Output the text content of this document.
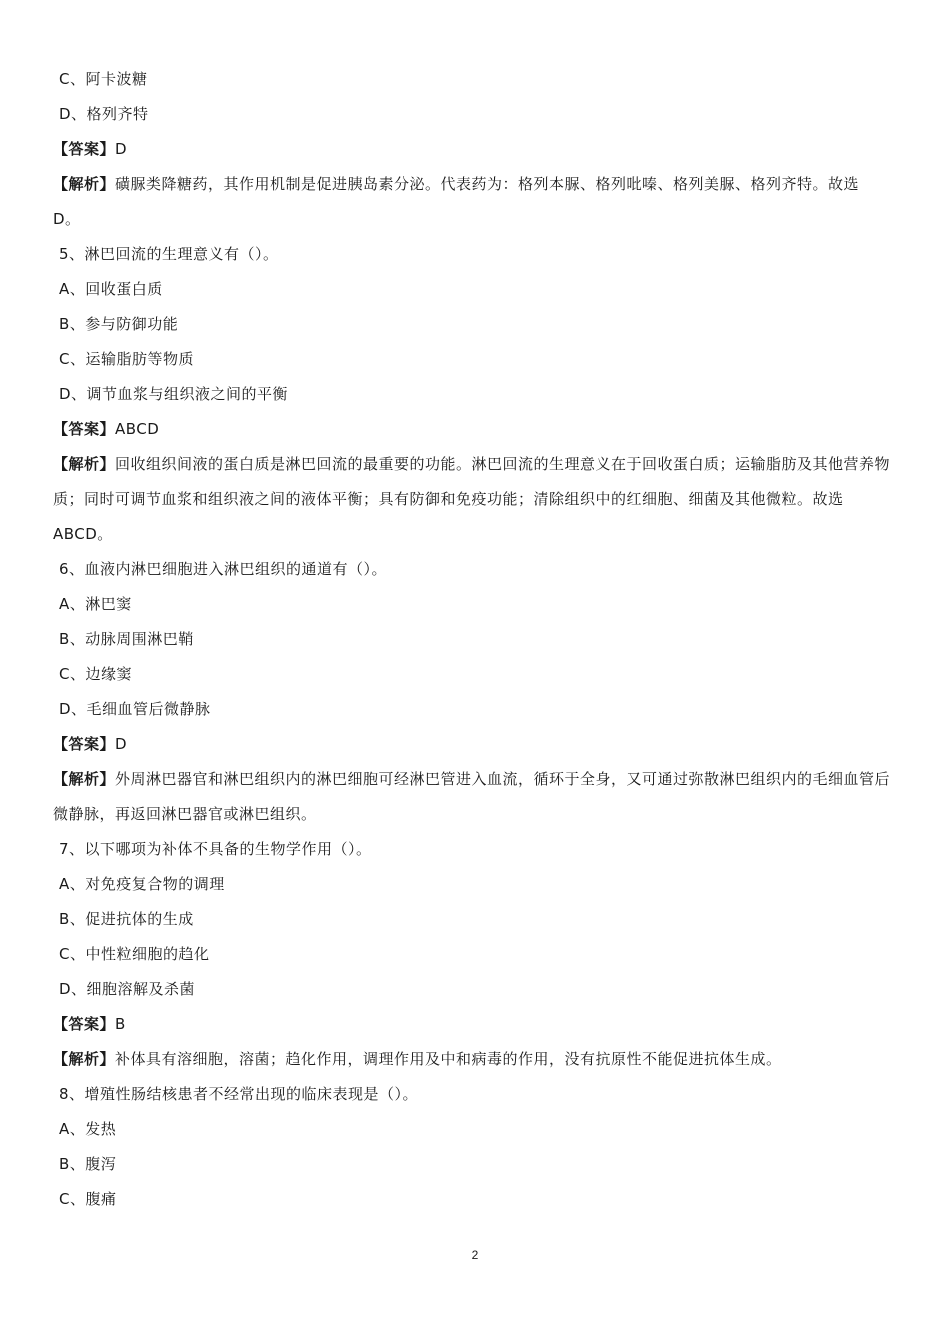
C、阿卡波糖
D、格列齐特
【答案】D
【解析】磺脲类降糖药，其作用机制是促进胰岛素分泌。代表药为：格列本脲、格列吡嗪、格列美脲、格列齐特。故选 D。
5、淋巴回流的生理意义有（）。
A、回收蛋白质
B、参与防御功能
C、运输脂肪等物质
D、调节血浆与组织液之间的平衡
【答案】ABCD
【解析】回收组织间液的蛋白质是淋巴回流的最重要的功能。淋巴回流的生理意义在于回收蛋白质；运输脂肪及其他营养物质；同时可调节血浆和组织液之间的液体平衡；具有防御和免疫功能；清除组织中的红细胞、细菌及其他微粒。故选 ABCD。
6、血液内淋巴细胞进入淋巴组织的通道有（）。
A、淋巴窦
B、动脉周围淋巴鞘
C、边缘窦
D、毛细血管后微静脉
【答案】D
【解析】外周淋巴器官和淋巴组织内的淋巴细胞可经淋巴管进入血流，循环于全身，又可通过弥散淋巴组织内的毛细血管后微静脉，再返回淋巴器官或淋巴组织。
7、以下哪项为补体不具备的生物学作用（）。
A、对免疫复合物的调理
B、促进抗体的生成
C、中性粒细胞的趋化
D、细胞溶解及杀菌
【答案】B
【解析】补体具有溶细胞，溶菌；趋化作用，调理作用及中和病毒的作用，没有抗原性不能促进抗体生成。
8、增殖性肠结核患者不经常出现的临床表现是（）。
A、发热
B、腹泻
C、腹痛
2
